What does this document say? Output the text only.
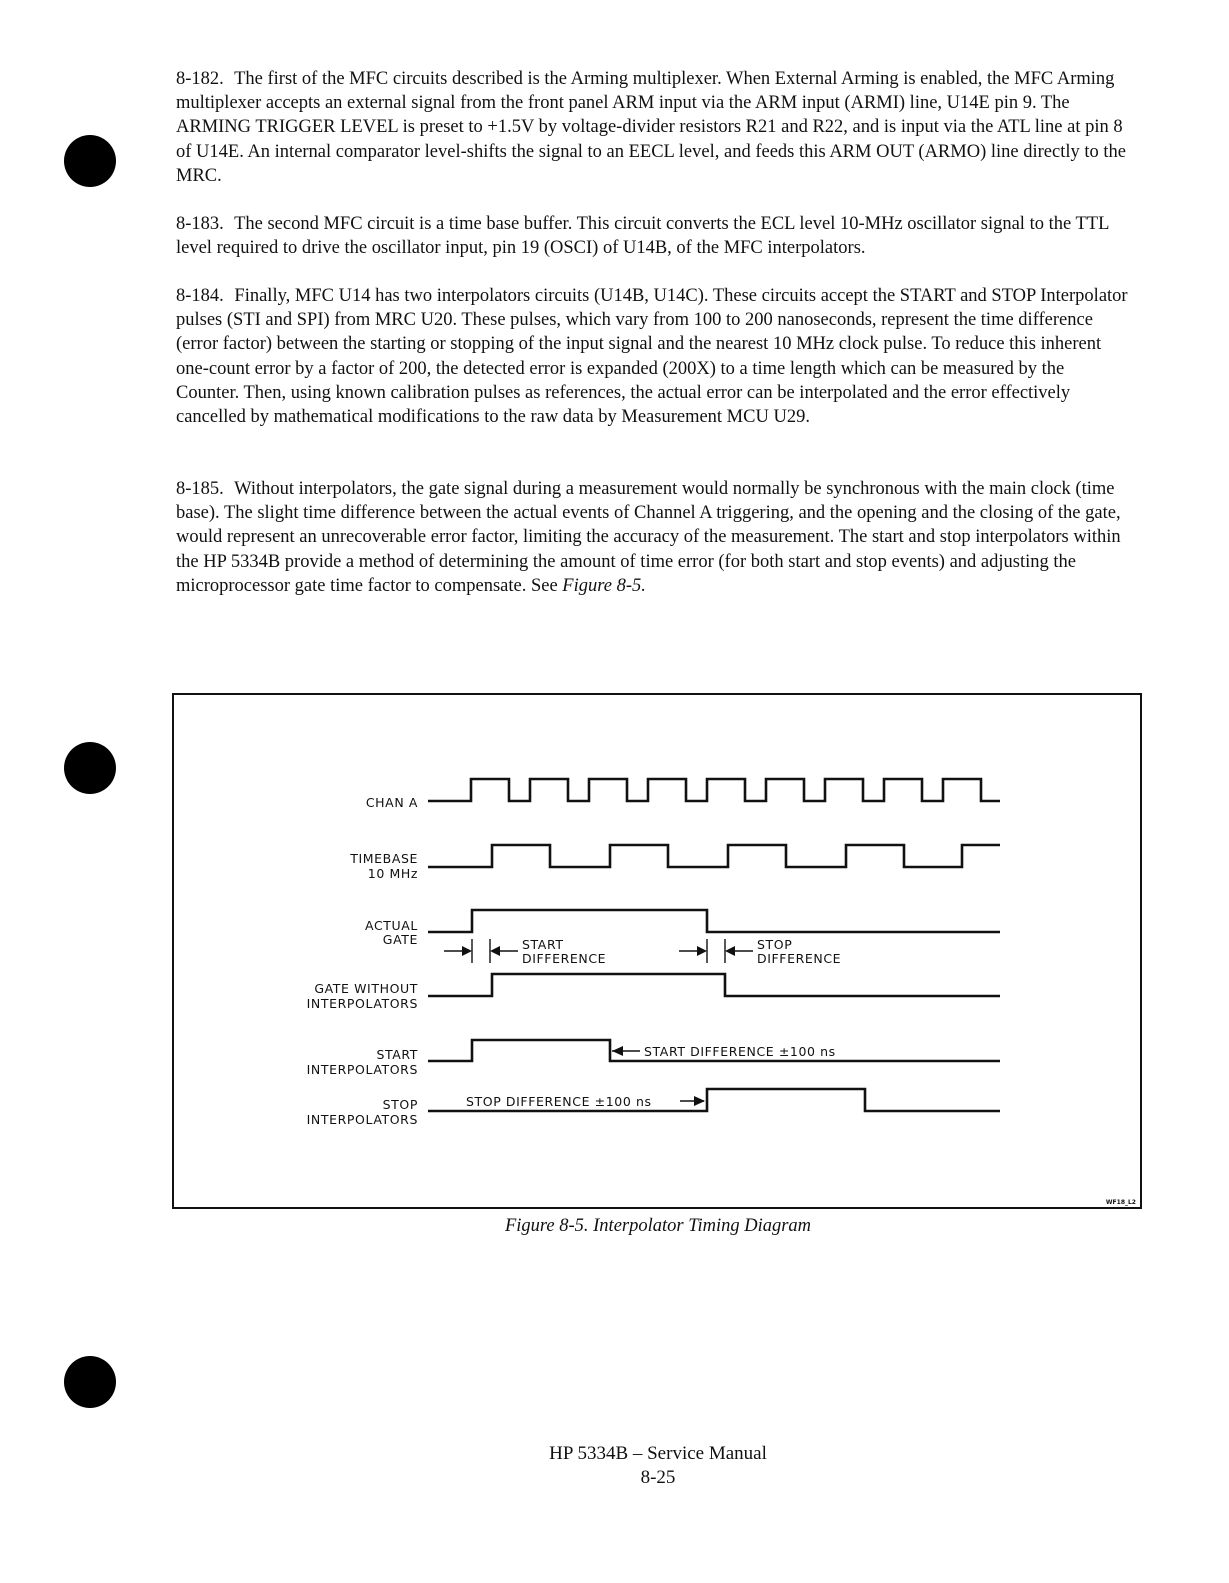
8-182. The first of the MFC circuits described is the Arming multiplexer. When External Arming is enabled, the MFC Arming multiplexer accepts an external signal from the front panel ARM input via the ARM input (ARMI) line, U14E pin 9. The ARMING TRIGGER LEVEL is preset to +1.5V by voltage-divider resistors R21 and R22, and is input via the ATL line at pin 8 of U14E. An internal comparator level-shifts the signal to an EECL level, and feeds this ARM OUT (ARMO) line directly to the MRC.

8-183. The second MFC circuit is a time base buffer. This circuit converts the ECL level 10-MHz oscillator signal to the TTL level required to drive the oscillator input, pin 19 (OSCI) of U14B, of the MFC interpolators.

8-184. Finally, MFC U14 has two interpolators circuits (U14B, U14C). These circuits accept the START and STOP Interpolator pulses (STI and SPI) from MRC U20. These pulses, which vary from 100 to 200 nanoseconds, represent the time difference (error factor) between the starting or stopping of the input signal and the nearest 10 MHz clock pulse. To reduce this inherent one-count error by a factor of 200, the detected error is expanded (200X) to a time length which can be measured by the Counter. Then, using known calibration pulses as references, the actual error can be interpolated and the error effectively cancelled by mathematical modifications to the raw data by Measurement MCU U29.

8-185. Without interpolators, the gate signal during a measurement would normally be synchronous with the main clock (time base). The slight time difference between the actual events of Channel A triggering, and the opening and the closing of the gate, would represent an unrecoverable error factor, limiting the accuracy of the measurement. The start and stop interpolators within the HP 5334B provide a method of determining the amount of time error (for both start and stop events) and adjusting the microprocessor gate time factor to compensate. See Figure 8-5.

CHAN A
TIMEBASE
10 MHz
ACTUAL
GATE
GATE WITHOUT
INTERPOLATORS
START
INTERPOLATORS
STOP
INTERPOLATORS
START
DIFFERENCE
STOP
DIFFERENCE
START DIFFERENCE ±100 ns
STOP DIFFERENCE ±100 ns
WF18_L2
Figure 8-5. Interpolator Timing Diagram
HP 5334B – Service Manual
8-25
